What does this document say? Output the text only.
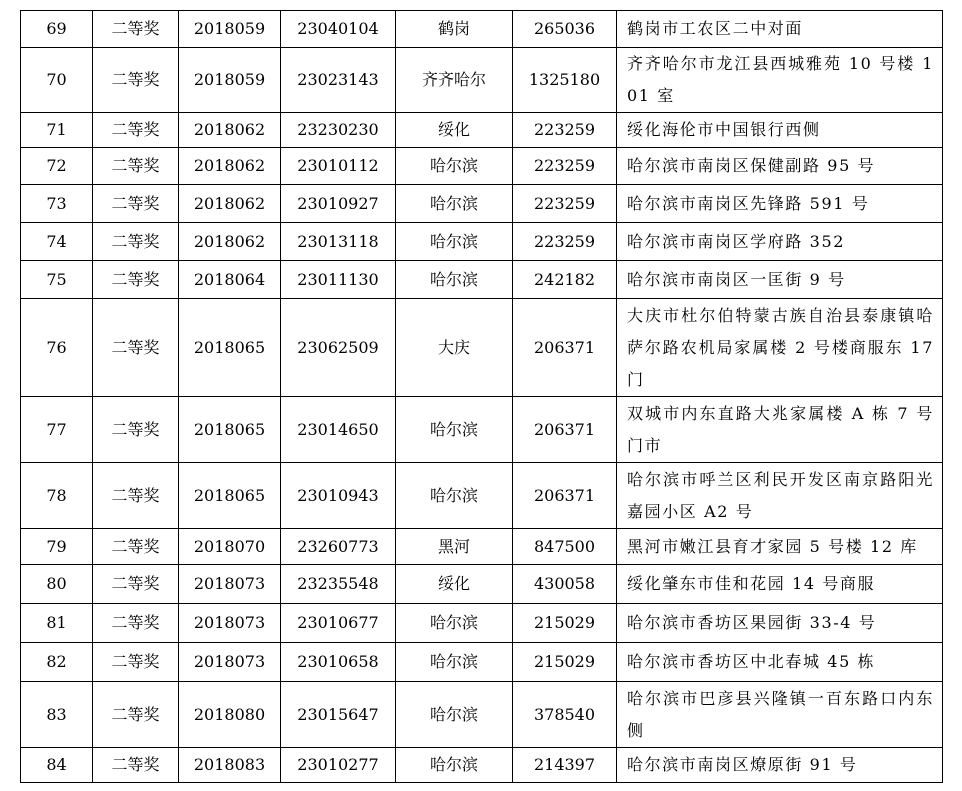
69	二等奖	2018059	23040104	鹤岗	265036	鹤岗市工农区二中对面
70	二等奖	2018059	23023143	齐齐哈尔	1325180	齐齐哈尔市龙江县西城雅苑 10 号楼 101 室
71	二等奖	2018062	23230230	绥化	223259	绥化海伦市中国银行西侧
72	二等奖	2018062	23010112	哈尔滨	223259	哈尔滨市南岗区保健副路 95 号
73	二等奖	2018062	23010927	哈尔滨	223259	哈尔滨市南岗区先锋路 591 号
74	二等奖	2018062	23013118	哈尔滨	223259	哈尔滨市南岗区学府路 352
75	二等奖	2018064	23011130	哈尔滨	242182	哈尔滨市南岗区一匡街 9 号
76	二等奖	2018065	23062509	大庆	206371	大庆市杜尔伯特蒙古族自治县泰康镇哈萨尔路农机局家属楼 2 号楼商服东 17 门
77	二等奖	2018065	23014650	哈尔滨	206371	双城市内东直路大兆家属楼 A 栋 7 号门市
78	二等奖	2018065	23010943	哈尔滨	206371	哈尔滨市呼兰区利民开发区南京路阳光嘉园小区 A2 号
79	二等奖	2018070	23260773	黑河	847500	黑河市嫩江县育才家园 5 号楼 12 库
80	二等奖	2018073	23235548	绥化	430058	绥化肇东市佳和花园 14 号商服
81	二等奖	2018073	23010677	哈尔滨	215029	哈尔滨市香坊区果园街 33-4 号
82	二等奖	2018073	23010658	哈尔滨	215029	哈尔滨市香坊区中北春城 45 栋
83	二等奖	2018080	23015647	哈尔滨	378540	哈尔滨市巴彦县兴隆镇一百东路口内东侧
84	二等奖	2018083	23010277	哈尔滨	214397	哈尔滨市南岗区燎原街 91 号
